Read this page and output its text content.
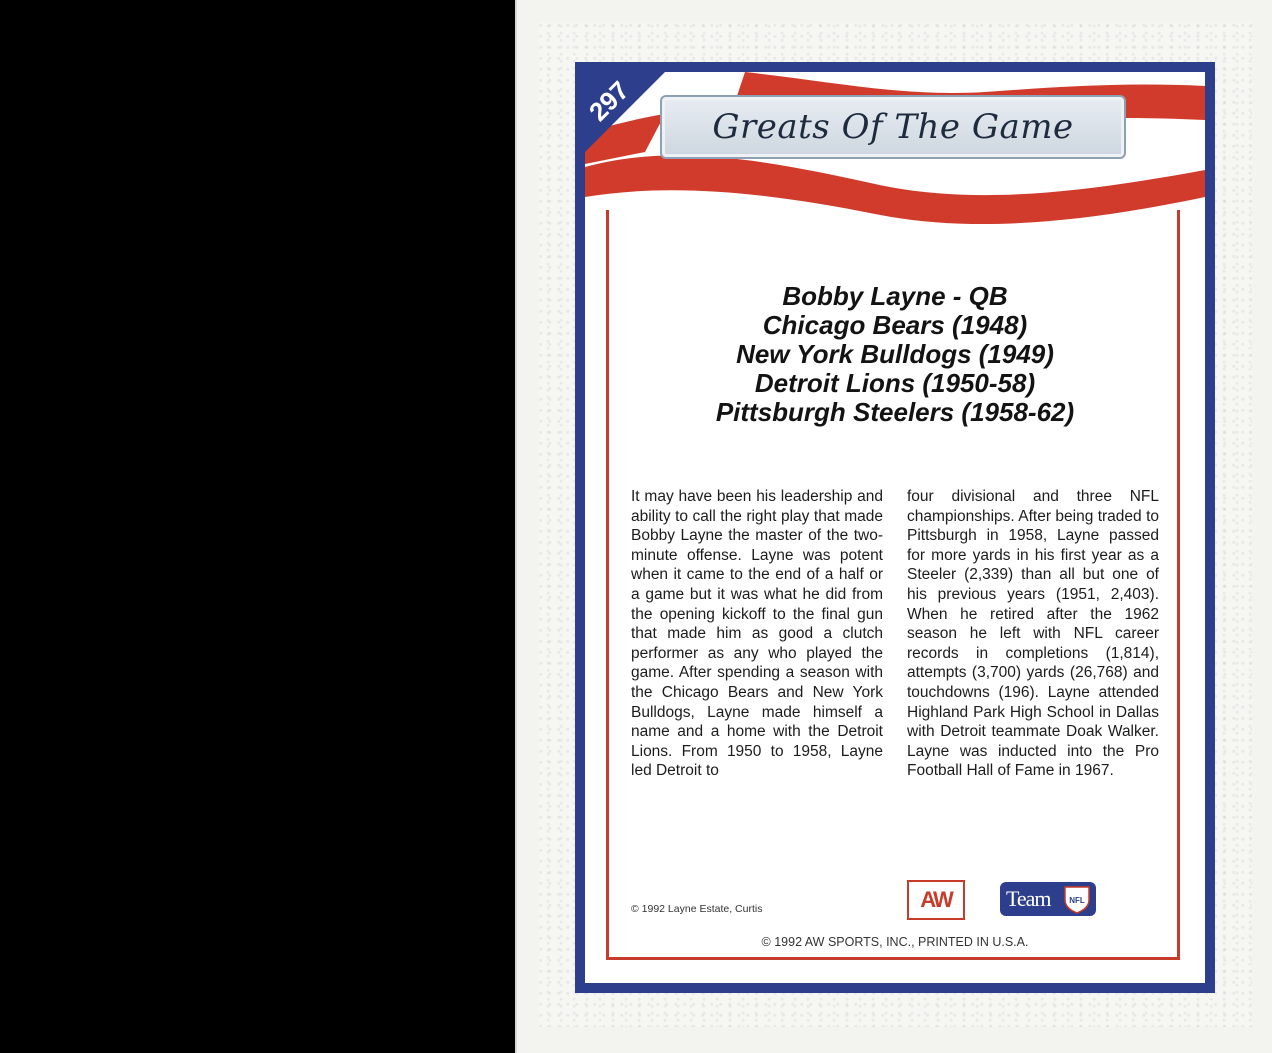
297
Greats Of The Game
Bobby Layne - QB
Chicago Bears (1948)
New York Bulldogs (1949)
Detroit Lions (1950-58)
Pittsburgh Steelers (1958-62)
It may have been his leadership and ability to call the right play that made Bobby Layne the master of the two-minute offense. Layne was potent when it came to the end of a half or a game but it was what he did from the opening kickoff to the final gun that made him as good a clutch performer as any who played the game. After spending a season with the Chicago Bears and New York Bulldogs, Layne made himself a name and a home with the Detroit Lions. From 1950 to 1958, Layne led Detroit to
four divisional and three NFL championships. After being traded to Pittsburgh in 1958, Layne passed for more yards in his first year as a Steeler (2,339) than all but one of his previous years (1951, 2,403). When he retired after the 1962 season he left with NFL career records in completions (1,814), attempts (3,700) yards (26,768) and touchdowns (196). Layne attended Highland Park High School in Dallas with Detroit teammate Doak Walker. Layne was inducted into the Pro Football Hall of Fame in 1967.
© 1992 Layne Estate, Curtis	AW Team NFL
© 1992 AW SPORTS, INC., PRINTED IN U.S.A.
